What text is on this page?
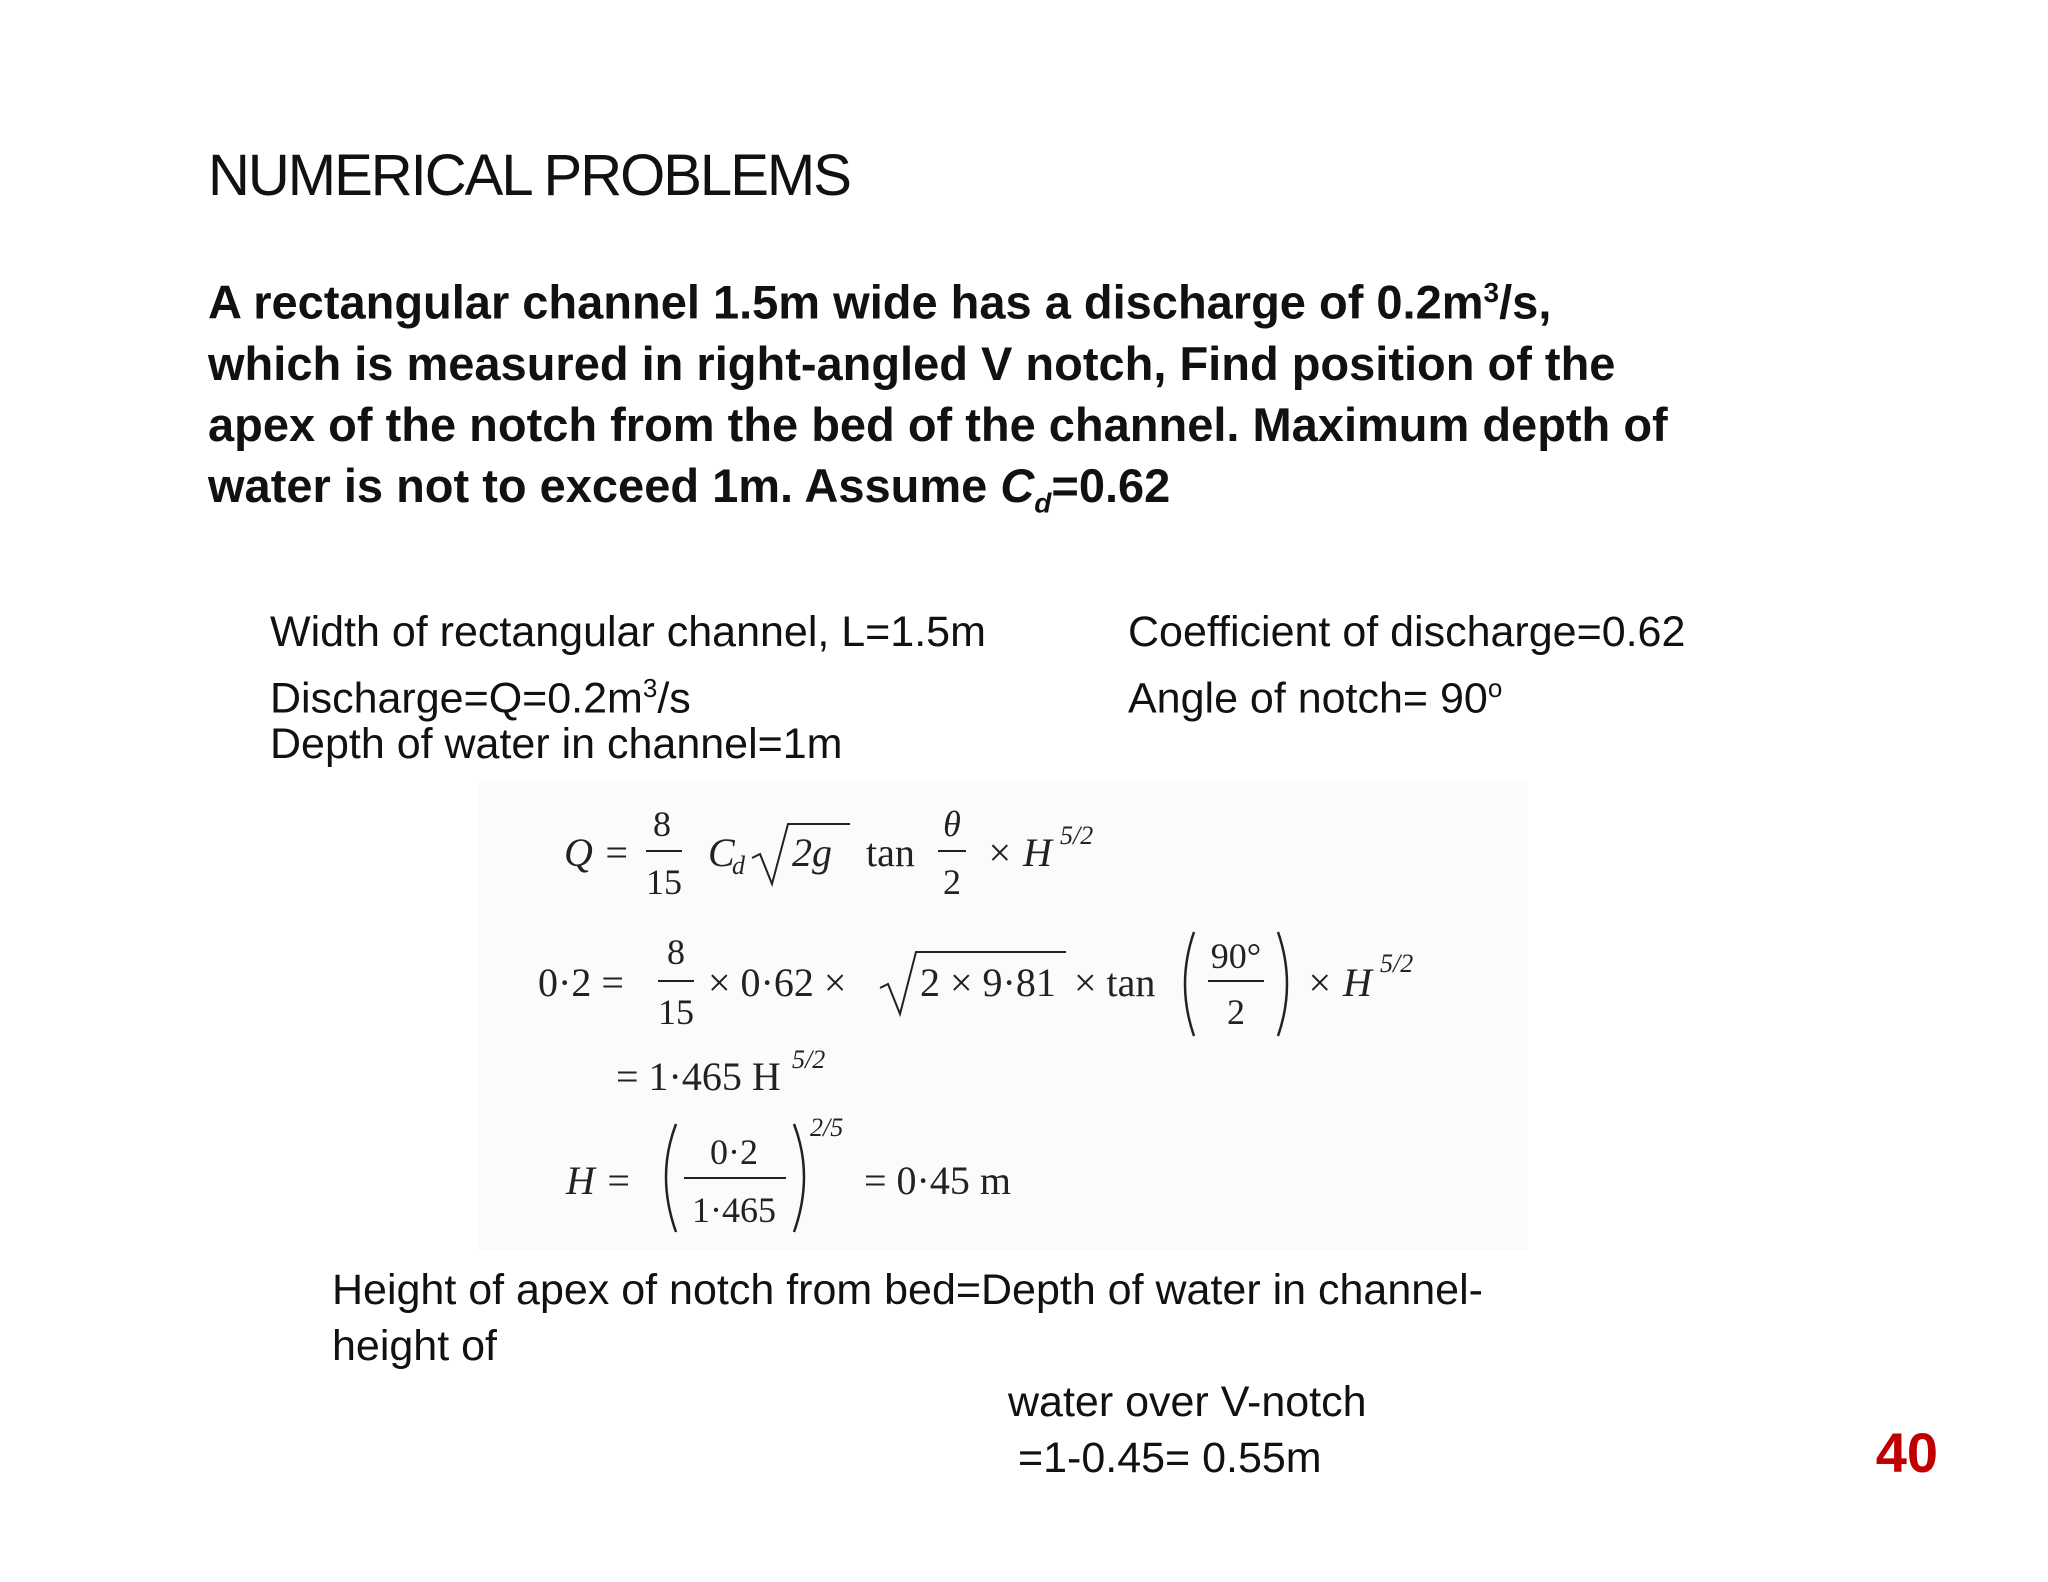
NUMERICAL PROBLEMS

A rectangular channel 1.5m wide has a discharge of $0.2m^3/s$,

which is measured in right-angled V notch, Find position of the

apex of the notch from the bed of the channel. Maximum depth of

water is not to exceed 1m. Assume $C_d=0.62$

Width of rectangular channel, L=1.5m
$Discharge=Q=0.2m^3/s$
Depth of water in channel=1m
Coefficient of discharge=0.62
Angle of notch= $90^o$
Q =
8
15
C
d 2g tan
θ
2
× H 5/2
0·2 =
8
15
× 0·62 × 2 × 9·81 × tan
90°
2
× H 5/2
= 1·465 H 5/2
H =
0·2
1·465
2/5
= 0·45 m
Height of apex of notch from bed=Depth of water in channel-
height of
water over V-notch
=1-0.45= 0.55m	40
